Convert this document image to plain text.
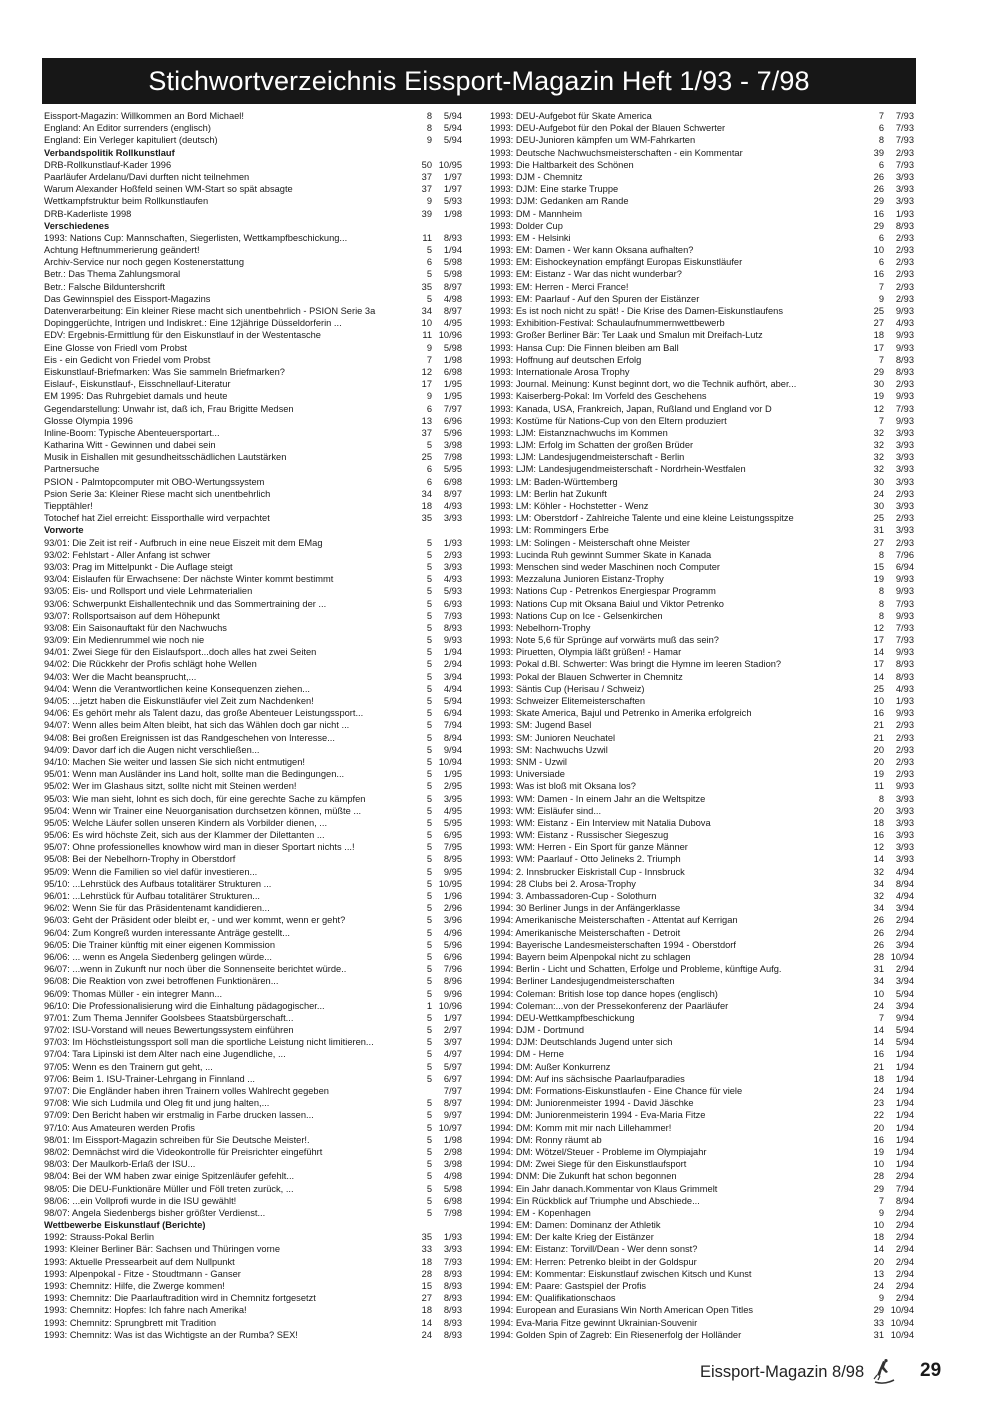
Stichwortverzeichnis Eissport-Magazin Heft 1/93 - 7/98
Eissport-Magazin: Willkommen an Bord Michael!	8	5/94
England: An Editor surrenders (englisch)	8	5/94
England: Ein Verleger kapituliert (deutsch)	9	5/94
Verbandspolitik Rollkunstlauf
DRB-Rollkunstlauf-Kader 1996	50 10/95
Paarläufer Ardelanu/Davi durften nicht teilnehmen	37	1/97
Warum Alexander Hoßfeld seinen WM-Start so spät absagte	37	1/97
Wettkampfstruktur beim Rollkunstlaufen	9	5/93
DRB-Kaderliste 1998	39	1/98
Verschiedenes
1993: Nations Cup: Mannschaften, Siegerlisten, Wettkampfbeschickung...	11	8/93
Achtung Heftnummerierung geändert!	5	1/94
Archiv-Service nur noch gegen Kostenerstattung	6	5/98
Betr.: Das Thema Zahlungsmoral	5	5/98
Betr.: Falsche Bilduntershcrift	35	8/97
Das Gewinnspiel des Eissport-Magazins	5	4/98
Datenverarbeitung: Ein kleiner Riese macht sich unentbehrlich - PSION Serie 3a	34	8/97
Dopinggerüchte, Intrigen und Indiskret.: Eine 12jährige Düsseldorferin ...	10	4/95
EDV: Ergebnis-Ermittlung für den Eiskunstlauf in der Westentasche	11 10/96
Eine Glosse von Friedl vom Probst	9	5/98
Eis - ein Gedicht von Friedel vom Probst	7	1/98
Eiskunstlauf-Briefmarken: Was Sie sammeln Briefmarken?	12	6/98
Eislauf-, Eiskunstlauf-, Eisschnellauf-Literatur	17	1/95
EM 1995: Das Ruhrgebiet damals und heute	9	1/95
Gegendarstellung: Unwahr ist, daß ich, Frau Brigitte Medsen	6	7/97
Glosse Olympia 1996	13	6/96
Inline-Boom: Typische Abenteuersportart...	37	5/96
Katharina Witt - Gewinnen und dabei sein	5	3/98
Musik in Eishallen mit gesundheitsschädlichen Lautstärken	25	7/98
Partnersuche	6	5/95
PSION - Palmtopcomputer mit OBO-Wertungssystem	6	6/98
Psion Serie 3a: Kleiner Riese macht sich unentbehrlich	34	8/97
Tiepptähler!	18	4/93
Totochef hat Ziel erreicht: Eissporthalle wird verpachtet	35	3/93
Vorworte
93/01: Die Zeit ist reif - Aufbruch in eine neue Eiszeit mit dem EMag	5	1/93
93/02: Fehlstart - Aller Anfang ist schwer	5	2/93
93/03: Prag im Mittelpunkt - Die Auflage steigt	5	3/93
93/04: Eislaufen für Erwachsene: Der nächste Winter kommt bestimmt	5	4/93
93/05: Eis- und Rollsport und viele Lehrmaterialien	5	5/93
93/06: Schwerpunkt Eishallentechnik und das Sommertraining der ...	5	6/93
93/07: Rollsportsaison auf dem Höhepunkt	5	7/93
93/08: Ein Saisonauftakt für den Nachwuchs	5	8/93
93/09: Ein Medienrummel wie noch nie	5	9/93
94/01: Zwei Siege für den Eislaufsport...doch alles hat zwei Seiten	5	1/94
94/02: Die Rückkehr der Profis schlägt hohe Wellen	5	2/94
94/03: Wer die Macht beansprucht,...	5	3/94
94/04: Wenn die Verantwortlichen keine Konsequenzen ziehen...	5	4/94
94/05: ...jetzt haben die Eiskunstläufer viel Zeit zum Nachdenken!	5	5/94
94/06: Es gehört mehr als Talent dazu, das große Abenteuer Leistungssport...	5	6/94
94/07: Wenn alles beim Alten bleibt, hat sich das Wählen doch gar nicht ...	5	7/94
94/08: Bei großen Ereignissen ist das Randgeschehen von Interesse...	5	8/94
94/09: Davor darf ich die Augen nicht verschließen...	5	9/94
94/10: Machen Sie weiter und lassen Sie sich nicht entmutigen!	5 10/94
95/01: Wenn man Ausländer ins Land holt, sollte man die Bedingungen...	5	1/95
95/02: Wer im Glashaus sitzt, sollte nicht mit Steinen werden!	5	2/95
95/03: Wie man sieht, lohnt es sich doch, für eine gerechte Sache zu kämpfen	5	3/95
95/04: Wenn wir Trainer eine Neuorganisation durchsetzen können, müßte ...	5	4/95
95/05: Welche Läufer sollen unseren Kindern als Vorbilder dienen, ...	5	5/95
95/06: Es wird höchste Zeit, sich aus der Klammer der Dilettanten ...	5	6/95
95/07: Ohne professionelles knowhow wird man in dieser Sportart nichts ...!	5	7/95
95/08: Bei der Nebelhorn-Trophy in Oberstdorf	5	8/95
95/09: Wenn die Familien so viel dafür investieren...	5	9/95
95/10: ...Lehrstück des Aufbaus totalitärer Strukturen ...	5 10/95
96/01: ...Lehrstück für Aufbau totalitärer Strukturen...	5	1/96
96/02: Wenn Sie für das Präsidentenamt kandidieren...	5	2/96
96/03: Geht der Präsident oder bleibt er, - und wer kommt, wenn er geht?	5	3/96
96/04: Zum Kongreß wurden interessante Anträge gestellt...	5	4/96
96/05: Die Trainer künftig mit einer eigenen Kommission	5	5/96
96/06: ... wenn es Angela Siedenberg gelingen würde...	5	6/96
96/07: ...wenn in Zukunft nur noch über die Sonnenseite berichtet würde..	5	7/96
96/08: Die Reaktion von zwei betroffenen Funktionären...	5	8/96
96/09: Thomas Müller - ein integrer Mann...	5	9/96
96/10: Die Professionalisierung wird die Einhaltung pädagogischer...	1 10/96
97/01: Zum Thema Jennifer Goolsbees Staatsbürgerschaft...	5	1/97
97/02: ISU-Vorstand will neues Bewertungssystem einführen	5	2/97
97/03: Im Höchstleistungssport soll man die sportliche Leistung nicht limitieren...	5	3/97
97/04: Tara Lipinski ist dem Alter nach eine Jugendliche, ...	5	4/97
97/05: Wenn es den Trainern gut geht, ...	5	5/97
97/06: Beim 1. ISU-Trainer-Lehrgang in Finnland ...	5	6/97
97/07: Die Engländer haben ihren Trainern volles Wahlrecht gegeben	7/97
97/08: Wie sich Ludmila und Oleg fit und jung halten,...	5	8/97
97/09: Den Bericht haben wir erstmalig in Farbe drucken lassen...	5	9/97
97/10: Aus Amateuren werden Profis	5 10/97
98/01: Im Eissport-Magazin schreiben für Sie Deutsche Meister!.	5	1/98
98/02: Demnächst wird die Videokontrolle für Preisrichter eingeführt	5	2/98
98/03: Der Maulkorb-Erlaß der ISU...	5	3/98
98/04: Bei der WM haben zwar einige Spitzenläufer gefehlt...	5	4/98
98/05: Die DEU-Funktionäre Müller und Föll treten zurück, ...	5	5/98
98/06: ...ein Vollprofi wurde in die ISU gewählt!	5	6/98
98/07: Angela Siedenbergs bisher größter Verdienst...	5	7/98
Wettbewerbe Eiskunstlauf (Berichte)
1992: Strauss-Pokal Berlin	35	1/93
1993: Kleiner Berliner Bär: Sachsen und Thüringen vorne	33	3/93
1993: Aktuelle Pressearbeit auf dem Nullpunkt	18	7/93
1993: Alpenpokal - Fitze - Stoudtmann - Ganser	28	8/93
1993: Chemnitz: Hilfe, die Zwerge kommen!	15	8/93
1993: Chemnitz: Die Paarlauftradition wird in Chemnitz fortgesetzt	27	8/93
1993: Chemnitz: Hopfes: Ich fahre nach Amerika!	18	8/93
1993: Chemnitz: Sprungbrett mit Tradition	14	8/93
1993: Chemnitz: Was ist das Wichtigste an der Rumba? SEX!	24	8/93
1993: DEU-Aufgebot für Skate America	7	7/93
1993: DEU-Aufgebot für den Pokal der Blauen Schwerter	6	7/93
1993: DEU-Junioren kämpfen um WM-Fahrkarten	8	7/93
1993: Deutsche Nachwuchsmeisterschaften - ein Kommentar	39	2/93
1993: Die Haltbarkeit des Schönen	6	7/93
1993: DJM - Chemnitz	26	3/93
1993: DJM: Eine starke Truppe	26	3/93
1993: DJM: Gedanken am Rande	29	3/93
1993: DM - Mannheim	16	1/93
1993: Dolder Cup	29	8/93
1993: EM - Helsinki	6	2/93
1993: EM: Damen - Wer kann Oksana aufhalten?	10	2/93
1993: EM: Eishockeynation empfängt Europas Eiskunstläufer	6	2/93
1993: EM: Eistanz - War das nicht wunderbar?	16	2/93
1993: EM: Herren - Merci France!	7	2/93
1993: EM: Paarlauf - Auf den Spuren der Eistänzer	9	2/93
1993: Es ist noch nicht zu spät! - Die Krise des Damen-Eiskunstlaufens	25	9/93
1993: Exhibition-Festival: Schaulaufnummernwettbewerb	27	4/93
1993: Großer Berliner Bär: Ter Laak und Smalun mit Dreifach-Lutz	18	9/93
1993: Hansa Cup: Die Finnen bleiben am Ball	17	9/93
1993: Hoffnung auf deutschen Erfolg	7	8/93
1993: Internationale Arosa Trophy	29	8/93
1993: Journal. Meinung: Kunst beginnt dort, wo die Technik aufhört, aber...	30	2/93
1993: Kaiserberg-Pokal: Im Vorfeld des Geschehens	19	9/93
1993: Kanada, USA, Frankreich, Japan, Rußland und England vor D	12	7/93
1993: Kostüme für Nations-Cup von den Eltern produziert	7	9/93
1993: LJM: Eistanznachwuchs im Kommen	32	3/93
1993: LJM: Erfolg im Schatten der großen Brüder	32	3/93
1993: LJM: Landesjugendmeisterschaft - Berlin	32	3/93
1993: LJM: Landesjugendmeisterschaft - Nordrhein-Westfalen	32	3/93
1993: LM: Baden-Württemberg	30	3/93
1993: LM: Berlin hat Zukunft	24	2/93
1993: LM: Köhler - Hochstetter - Wenz	30	3/93
1993: LM: Oberstdorf - Zahlreiche Talente und eine kleine Leistungsspitze	25	2/93
1993: LM: Rommingers Erbe	31	3/93
1993: LM: Solingen - Meisterschaft ohne Meister	27	2/93
1993: Lucinda Ruh gewinnt Summer Skate in Kanada	8	7/96
1993: Menschen sind weder Maschinen noch Computer	15	6/94
1993: Mezzaluna Junioren Eistanz-Trophy	19	9/93
1993: Nations Cup - Petrenkos Energiespar Programm	8	9/93
1993: Nations Cup mit Oksana Baiul und Viktor Petrenko	8	7/93
1993: Nations Cup on Ice - Gelsenkirchen	8	9/93
1993: Nebelhorn-Trophy	12	7/93
1993: Note 5,6 für Sprünge auf vorwärts muß das sein?	17	7/93
1993: Piruetten, Olympia läßt grüßen! - Hamar	14	9/93
1993: Pokal d.Bl. Schwerter: Was bringt die Hymne im leeren Stadion?	17	8/93
1993: Pokal der Blauen Schwerter in Chemnitz	14	8/93
1993: Säntis Cup (Herisau / Schweiz)	25	4/93
1993: Schweizer Elitemeisterschaften	10	1/93
1993: Skate America, Bajul und Petrenko in Amerika erfolgreich	16	9/93
1993: SM: Jugend Basel	21	2/93
1993: SM: Junioren Neuchatel	21	2/93
1993: SM: Nachwuchs Uzwil	20	2/93
1993: SNM - Uzwil	20	2/93
1993: Universiade	19	2/93
1993: Was ist bloß mit Oksana los?	11	9/93
1993: WM: Damen - In einem Jahr an die Weltspitze	8	3/93
1993: WM: Eisläufer sind...	20	3/93
1993: WM: Eistanz - Ein Interview mit Natalia Dubova	18	3/93
1993: WM: Eistanz - Russischer Siegeszug	16	3/93
1993: WM: Herren - Ein Sport für ganze Männer	12	3/93
1993: WM: Paarlauf - Otto Jelineks 2. Triumph	14	3/93
1994: 2. Innsbrucker Eiskristall Cup - Innsbruck	32	4/94
1994: 28 Clubs bei 2. Arosa-Trophy	34	8/94
1994: 3. Ambassadoren-Cup - Solothurn	32	4/94
1994: 30 Berliner Jungs in der Anfängerklasse	34	3/94
1994: Amerikanische Meisterschaften - Attentat auf Kerrigan	26	2/94
1994: Amerikanische Meisterschaften - Detroit	26	2/94
1994: Bayerische Landesmeisterschaften 1994 - Oberstdorf	26	3/94
1994: Bayern beim Alpenpokal nicht zu schlagen	28 10/94
1994: Berlin - Licht und Schatten, Erfolge und Probleme, künftige Aufg.	31	2/94
1994: Berliner Landesjugendmeisterschaften	34	3/94
1994: Coleman: British lose top dance hopes (englisch)	10	5/94
1994: Coleman:...von der Pressekonferenz der Paarläufer	24	3/94
1994: DEU-Wettkampfbeschickung	7	9/94
1994: DJM - Dortmund	14	5/94
1994: DJM: Deutschlands Jugend unter sich	14	5/94
1994: DM - Herne	16	1/94
1994: DM: Außer Konkurrenz	21	1/94
1994: DM: Auf ins sächsische Paarlaufparadies	18	1/94
1994: DM: Formations-Eiskunstlaufen - Eine Chance für viele	24	1/94
1994: DM: Juniorenmeister 1994 - David Jäschke	23	1/94
1994: DM: Juniorenmeisterin 1994 - Eva-Maria Fitze	22	1/94
1994: DM: Komm mit mir nach Lillehammer!	20	1/94
1994: DM: Ronny räumt ab	16	1/94
1994: DM: Wötzel/Steuer - Probleme im Olympiajahr	19	1/94
1994: DM: Zwei Siege für den Eiskunstlaufsport	10	1/94
1994: DNM: Die Zukunft hat schon begonnen	28	2/94
1994: Ein Jahr danach.Kommentar von Klaus Grimmelt	29	7/94
1994: Ein Rückblick auf Triumphe und Abschiede...	7	8/94
1994: EM - Kopenhagen	9	2/94
1994: EM: Damen: Dominanz der Athletik	10	2/94
1994: EM: Der kalte Krieg der Eistänzer	18	2/94
1994: EM: Eistanz: Torvill/Dean - Wer denn sonst?	14	2/94
1994: EM: Herren: Petrenko bleibt in der Goldspur	20	2/94
1994: EM: Kommentar: Eiskunstlauf zwischen Kitsch und Kunst	13	2/94
1994: EM: Paare: Gastspiel der Profis	24	2/94
1994: EM: Qualifikationschaos	9	2/94
1994: European and Eurasians Win North American Open Titles	29 10/94
1994: Eva-Maria Fitze gewinnt Ukrainian-Souvenir	33 10/94
1994: Golden Spin of Zagreb: Ein Riesenerfolg der Holländer	31 10/94
Eissport-Magazin 8/98	29
